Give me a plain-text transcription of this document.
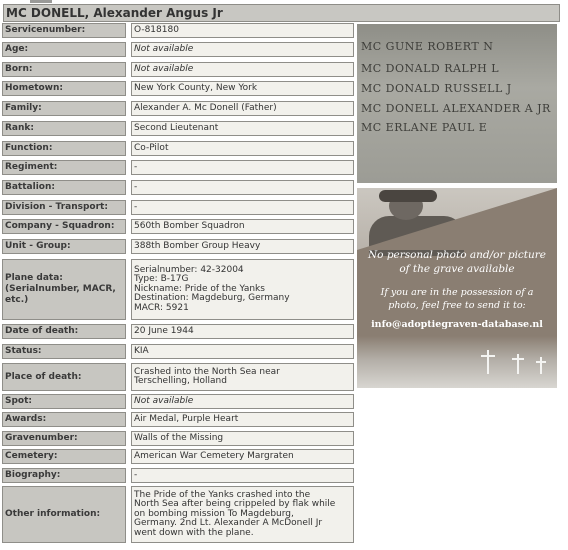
MC DONELL, Alexander Angus Jr
Servicenumber:	O-818180
Age:	Not available
Born:	Not available
Hometown:	New York County, New York
Family:	Alexander A. Mc Donell (Father)
Rank:	Second Lieutenant
Function:	Co-Pilot
Regiment:	-
Battalion:	-
Division - Transport:	-
Company - Squadron:	560th Bomber Squadron
Unit - Group:	388th Bomber Group Heavy
Plane data:
(Serialnumber, MACR,
etc.)
Serialnumber: 42-32004
Type: B-17G
Nickname: Pride of the Yanks
Destination: Magdeburg, Germany
MACR: 5921
Date of death:	20 June 1944
Status:	KIA
Place of death:	Crashed into the North Sea near
Terschelling, Holland
Spot:	Not available
Awards:	Air Medal, Purple Heart
Gravenumber:	Walls of the Missing
Cemetery:	American War Cemetery Margraten
Biography:	-
Other information:
The Pride of the Yanks crashed into the
North Sea after being crippeled by flak while
on bombing mission To Magdeburg,
Germany. 2nd Lt. Alexander A McDonell Jr
went down with the plane.
MC GUNE ROBERT N
MC DONALD RALPH L
MC DONALD RUSSELL J
MC DONELL ALEXANDER A JR
MC ERLANE PAUL E
No personal photo and/or picture
of the grave available
If you are in the possession of a
photo, feel free to send it to:
info@adoptiegraven-database.nl
